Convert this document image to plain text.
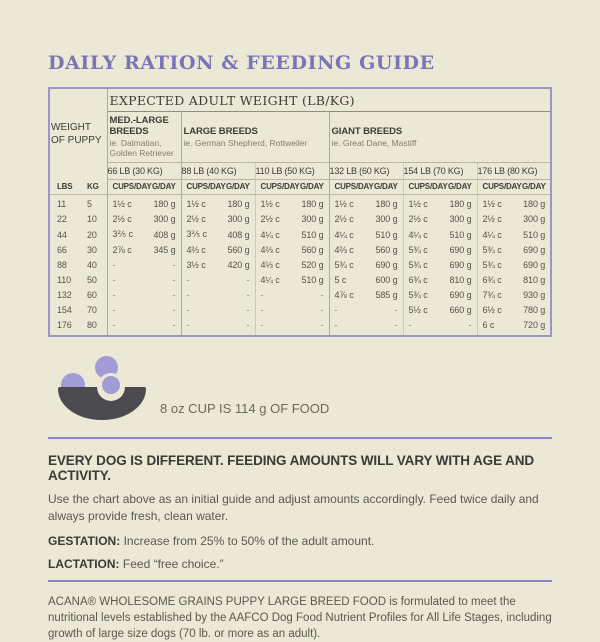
DAILY RATION & FEEDING GUIDE
WEIGHT OF PUPPY		EXPECTED ADULT WEIGHT (LB/KG)											

MED.-LARGE BREEDS
ie. Dalmatian, Golden Retriever

LARGE BREEDS
ie. German Shepherd, Rottweiler

GIANT BREEDS
ie. Great Dane, Mastiff

		66 LB (30 KG)		88 LB (40 KG)		110 LB (50 KG)		132 LB (60 KG)		154 LB (70 KG)		176 LB (80 KG)	
LBS	KG	CUPS/DAY	G/DAY	CUPS/DAY	G/DAY	CUPS/DAY	G/DAY	CUPS/DAY	G/DAY	CUPS/DAY	G/DAY	CUPS/DAY	G/DAY
11	5	1½ c	180 g	1½ c	180 g	1½ c	180 g	1½ c	180 g	1½ c	180 g	1½ c	180 g
22	10	2½ c	300 g	2½ c	300 g	2½ c	300 g	2½ c	300 g	2½ c	300 g	2½ c	300 g
44	20	3⅖ c	408 g	3⅖ c	408 g	4¼ c	510 g	4¼ c	510 g	4¼ c	510 g	4¼ c	510 g
66	30	2⅞ c	345 g	4⅔ c	560 g	4⅔ c	560 g	4⅔ c	560 g	5¾ c	690 g	5¾ c	690 g
88	40	-	-	3½ c	420 g	4⅓ c	520 g	5¾ c	690 g	5¾ c	690 g	5¾ c	690 g
110	50	-	-	-	-	4¼ c	510 g	5 c	600 g	6¾ c	810 g	6¾ c	810 g
132	60	-	-	-	-	-	-	4⅞ c	585 g	5¾ c	690 g	7¾ c	930 g
154	70	-	-	-	-	-	-	-	-	5½ c	660 g	6½ c	780 g
176	80	-	-	-	-	-	-	-	-	-	-	6 c	720 g

8 oz CUP IS 114 g OF FOOD

EVERY DOG IS DIFFERENT. FEEDING AMOUNTS WILL VARY WITH AGE AND ACTIVITY.

Use the chart above as an initial guide and adjust amounts accordingly. Feed twice daily and always provide fresh, clean water.

GESTATION: Increase from 25% to 50% of the adult amount.

LACTATION: Feed “free choice.”

ACANA® WHOLESOME GRAINS PUPPY LARGE BREED FOOD is formulated to meet the nutritional levels established by the AAFCO Dog Food Nutrient Profiles for All Life Stages, including growth of large size dogs (70 lb. or more as an adult).
